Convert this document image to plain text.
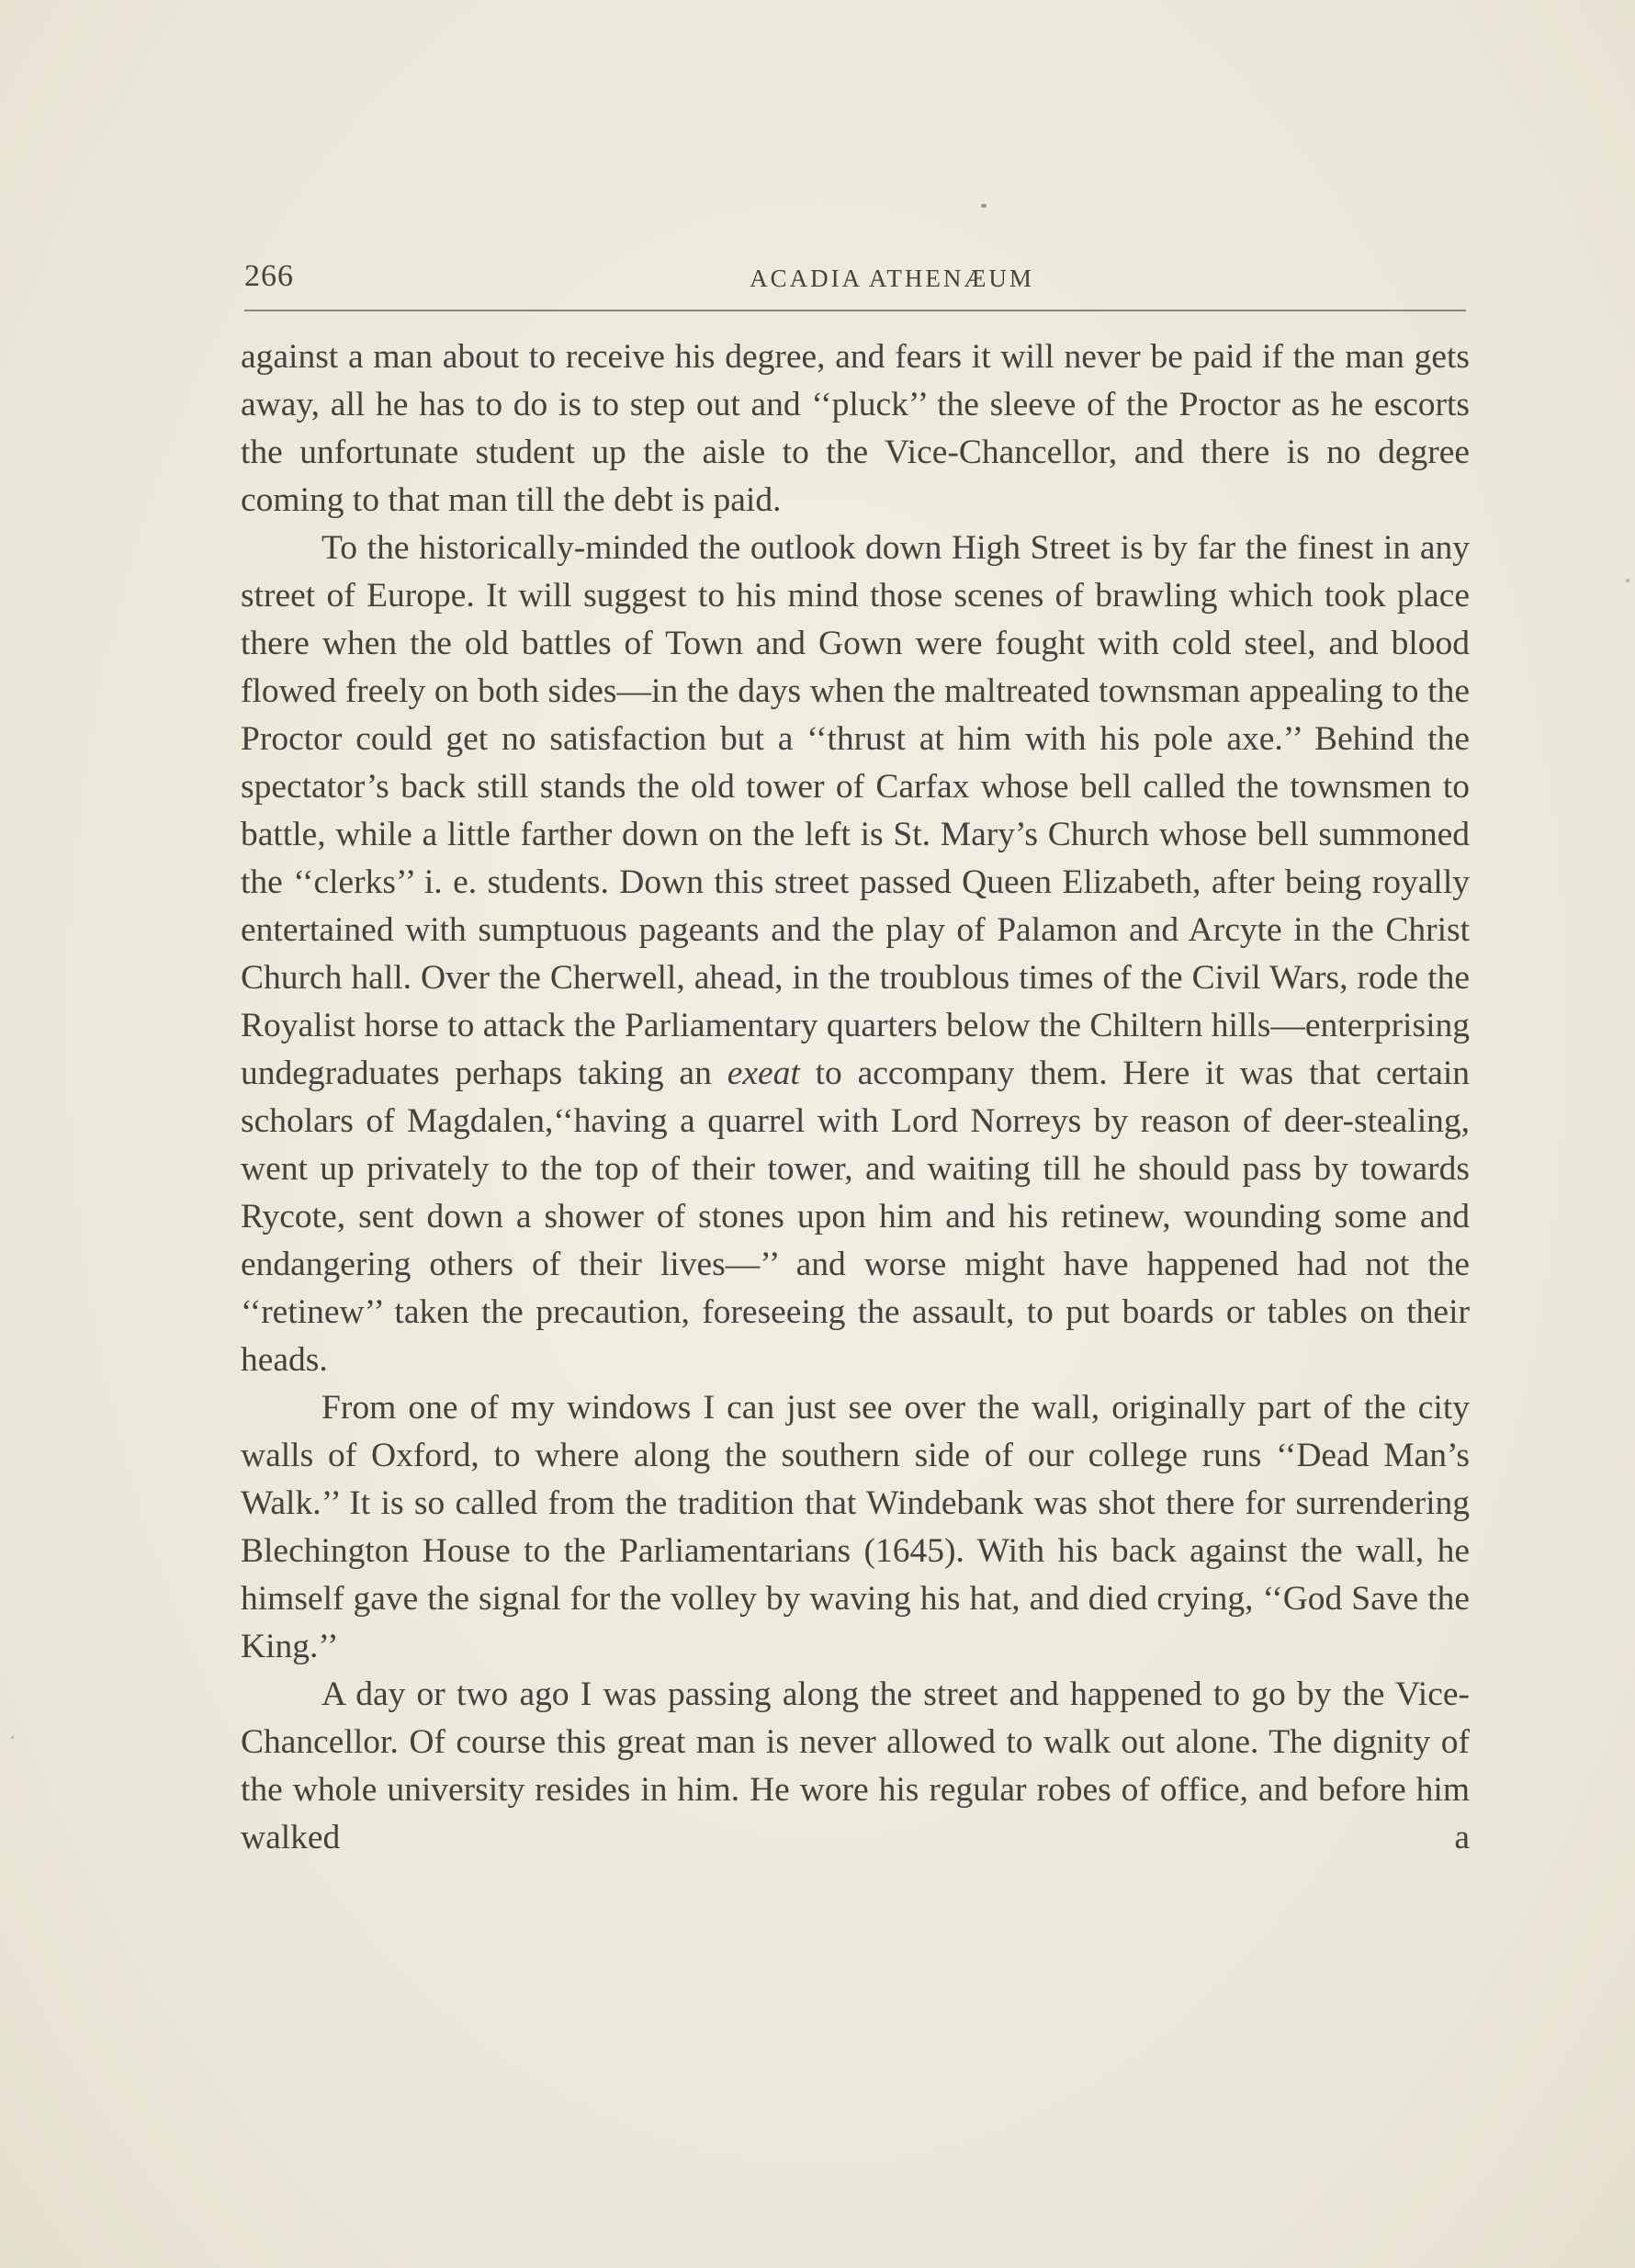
266	ACADIA ATHENÆUM

against a man about to receive his degree, and fears it will never be paid if the man gets away, all he has to do is to step out and ‘‘pluck’’ the sleeve of the Proctor as he escorts the unfortunate student up the aisle to the Vice-Chancellor, and there is no degree coming to that man till the debt is paid.

To the historically-minded the outlook down High Street is by far the finest in any street of Europe. It will suggest to his mind those scenes of brawling which took place there when the old battles of Town and Gown were fought with cold steel, and blood flowed freely on both sides—in the days when the maltreated townsman appealing to the Proctor could get no satisfaction but a ‘‘thrust at him with his pole axe.’’ Behind the spectator’s back still stands the old tower of Carfax whose bell called the townsmen to battle, while a little farther down on the left is St. Mary’s Church whose bell summoned the ‘‘clerks’’ i. e. students. Down this street passed Queen Elizabeth, after being royally entertained with sumptuous pageants and the play of Palamon and Arcyte in the Christ Church hall. Over the Cherwell, ahead, in the troublous times of the Civil Wars, rode the Royalist horse to attack the Parliamentary quarters below the Chiltern hills—enterprising undegraduates perhaps taking an exeat to accompany them. Here it was that certain scholars of Magdalen,‘‘having a quarrel with Lord Norreys by reason of deer-stealing, went up privately to the top of their tower, and waiting till he should pass by towards Rycote, sent down a shower of stones upon him and his retinew, wounding some and endangering others of their lives—’’ and worse might have happened had not the ‘‘retinew’’ taken the precaution, foreseeing the assault, to put boards or tables on their heads.

From one of my windows I can just see over the wall, originally part of the city walls of Oxford, to where along the southern side of our college runs ‘‘Dead Man’s Walk.’’ It is so called from the tradition that Windebank was shot there for surrendering Blechington House to the Parliamentarians (1645). With his back against the wall, he himself gave the signal for the volley by waving his hat, and died crying, ‘‘God Save the King.’’

A day or two ago I was passing along the street and happened to go by the Vice-Chancellor. Of course this great man is never allowed to walk out alone. The dignity of the whole university resides in him. He wore his regular robes of office, and before him walked a
